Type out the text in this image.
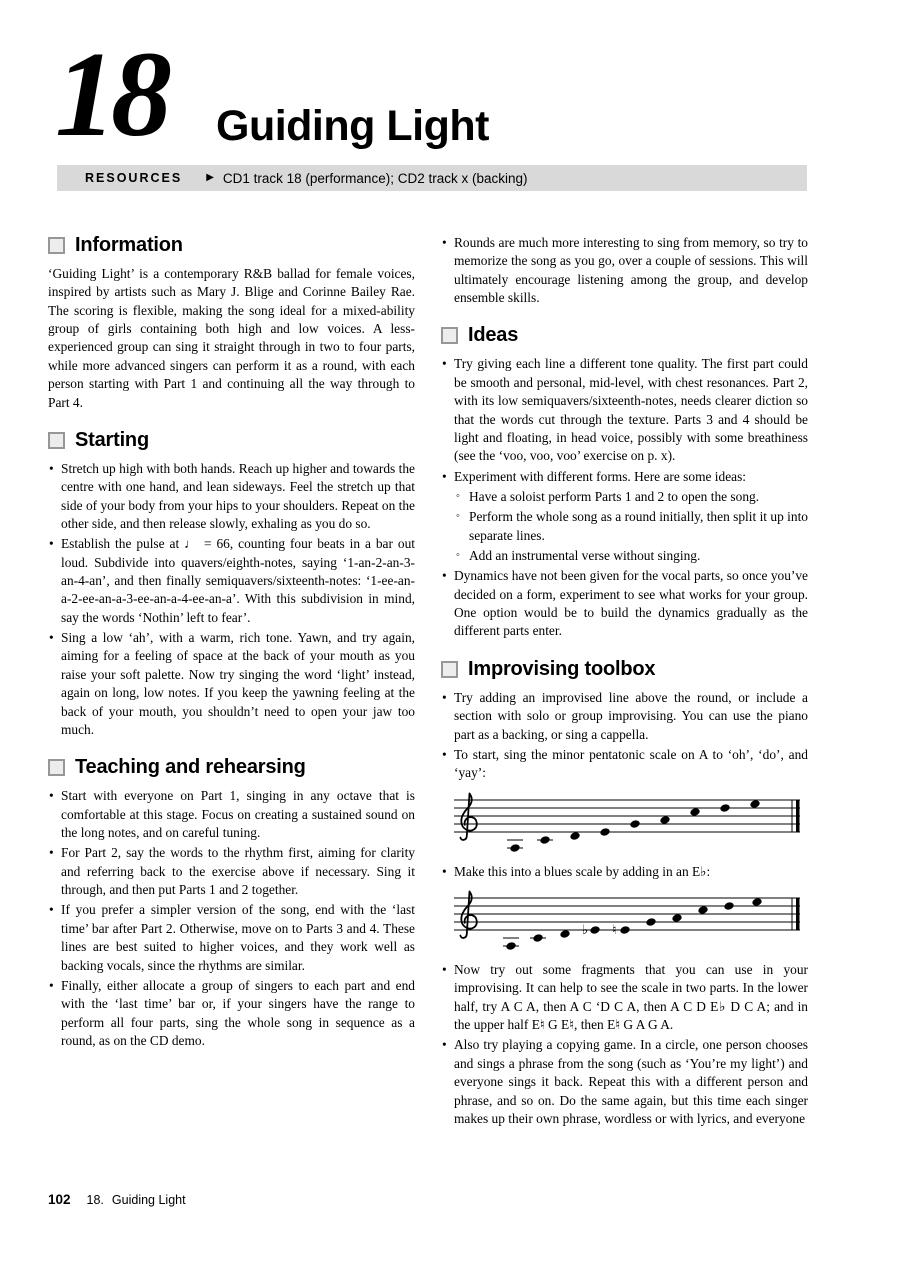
18 Guiding Light
RESOURCES ▶ CD1 track 18 (performance); CD2 track x (backing)
Information

‘Guiding Light’ is a contemporary R&B ballad for female voices, inspired by artists such as Mary J. Blige and Corinne Bailey Rae. The scoring is flexible, making the song ideal for a mixed-ability group of girls containing both high and low voices. A less-experienced group can sing it straight through in two to four parts, while more advanced singers can perform it as a round, with each person starting with Part 1 and continuing all the way through to Part 4.

Starting
• Stretch up high with both hands. Reach up higher and towards the centre with one hand, and lean sideways. Feel the stretch up that side of your body from your hips to your shoulders. Repeat on the other side, and then release slowly, exhaling as you do so.
• Establish the pulse at ♩ = 66, counting four beats in a bar out loud. Subdivide into quavers/eighth-notes, saying ‘1-an-2-an-3-an-4-an’, and then finally semiquavers/sixteenth-notes: ‘1-ee-an-a-2-ee-an-a-3-ee-an-a-4-ee-an-a’. With this subdivision in mind, say the words ‘Nothin’ left to fear’.
• Sing a low ‘ah’, with a warm, rich tone. Yawn, and try again, aiming for a feeling of space at the back of your mouth as you raise your soft palette. Now try singing the word ‘light’ instead, again on long, low notes. If you keep the yawning feeling at the back of your mouth, you shouldn’t need to open your jaw too much.
Teaching and rehearsing
• Start with everyone on Part 1, singing in any octave that is comfortable at this stage. Focus on creating a sustained sound on the long notes, and on careful tuning.
• For Part 2, say the words to the rhythm first, aiming for clarity and referring back to the exercise above if necessary. Sing it through, and then put Parts 1 and 2 together.
• If you prefer a simpler version of the song, end with the ‘last time’ bar after Part 2. Otherwise, move on to Parts 3 and 4. These lines are best suited to higher voices, and they work well as backing vocals, since the rhythms are similar.
• Finally, either allocate a group of singers to each part and end with the ‘last time’ bar or, if your singers have the range to perform all four parts, sing the whole song in sequence as a round, as on the CD demo.
• Rounds are much more interesting to sing from memory, so try to memorize the song as you go, over a couple of sessions. This will ultimately encourage listening among the group, and develop ensemble skills.
Ideas
• Try giving each line a different tone quality. The first part could be smooth and personal, mid-level, with chest resonances. Part 2, with its low semiquavers/sixteenth-notes, needs clearer diction so that the words cut through the texture. Parts 3 and 4 should be light and floating, in head voice, possibly with some breathiness (see the ‘voo, voo, voo’ exercise on p. x).
• Experiment with different forms. Here are some ideas:
◦ Have a soloist perform Parts 1 and 2 to open the song.
◦ Perform the whole song as a round initially, then split it up into separate lines.
◦ Add an instrumental verse without singing.
• Dynamics have not been given for the vocal parts, so once you’ve decided on a form, experiment to see what works for your group. One option would be to build the dynamics gradually as the different parts enter.
Improvising toolbox
• Try adding an improvised line above the round, or include a section with solo or group improvising. You can use the piano part as a backing, or sing a cappella.
• To start, sing the minor pentatonic scale on A to ‘oh’, ‘do’, and ‘yay’:
• Make this into a blues scale by adding in an E♭:
♭ ♮
• Now try out some fragments that you can use in your improvising. It can help to see the scale in two parts. In the lower half, try A C A, then A C ‘D C A, then A C D E♭ D C A; and in the upper half E♮ G E♮, then E♮ G A G A.
• Also try playing a copying game. In a circle, one person chooses and sings a phrase from the song (such as ‘You’re my light’) and everyone sings it back. Repeat this with a different person and phrase, and so on. Do the same again, but this time each singer makes up their own phrase, wordless or with lyrics, and everyone
102 18. Guiding Light
